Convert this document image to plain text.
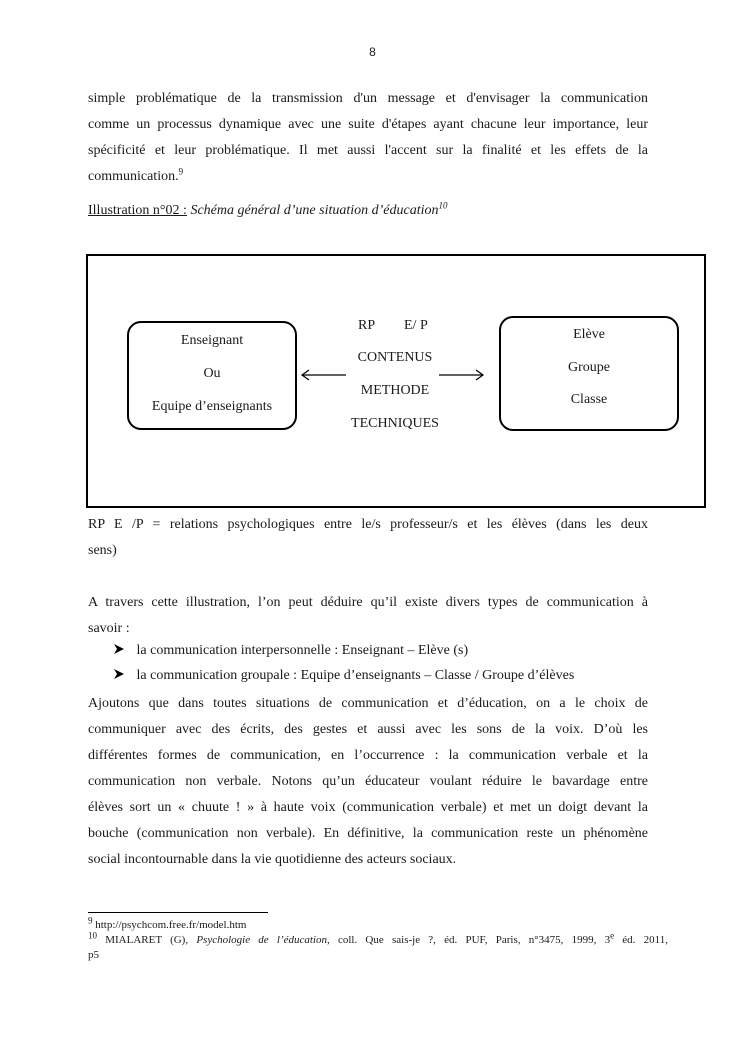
8
simple problématique de la transmission d'un message et d'envisager la communication
comme un processus dynamique avec une suite d'étapes ayant chacune leur importance, leur
spécificité et leur problématique. Il met aussi l'accent sur la finalité et les effets de la
communication.$^9$
Illustration n°02 : Schéma général d’une situation d’éducation$^{10}$
Enseignant
Ou
Equipe d’enseignants
Elève
Groupe
Classe
RP E/ P
CONTENUS
METHODE
TECHNIQUES
RP E /P = relations psychologiques entre le/s professeur/s et les élèves (dans les deux
sens)
A travers cette illustration, l’on peut déduire qu’il existe divers types de communication à
savoir :
la communication interpersonnelle : Enseignant – Elève (s)
la communication groupale : Equipe d’enseignants – Classe / Groupe d’élèves
Ajoutons que dans toutes situations de communication et d’éducation, on a le choix de
communiquer avec des écrits, des gestes et aussi avec les sons de la voix. D’où les
différentes formes de communication, en l’occurrence : la communication verbale et la
communication non verbale. Notons qu’un éducateur voulant réduire le bavardage entre
élèves sort un « chuute ! » à haute voix (communication verbale) et met un doigt devant la
bouche (communication non verbale). En définitive, la communication reste un phénomène
social incontournable dans la vie quotidienne des acteurs sociaux.
$^9$ http://psychcom.free.fr/model.htm
$^{10}$ MIALARET (G), Psychologie de l’éducation, coll. Que sais-je ?, éd. PUF, Paris, n°3475, 1999, 3e éd. 2011,
p5
